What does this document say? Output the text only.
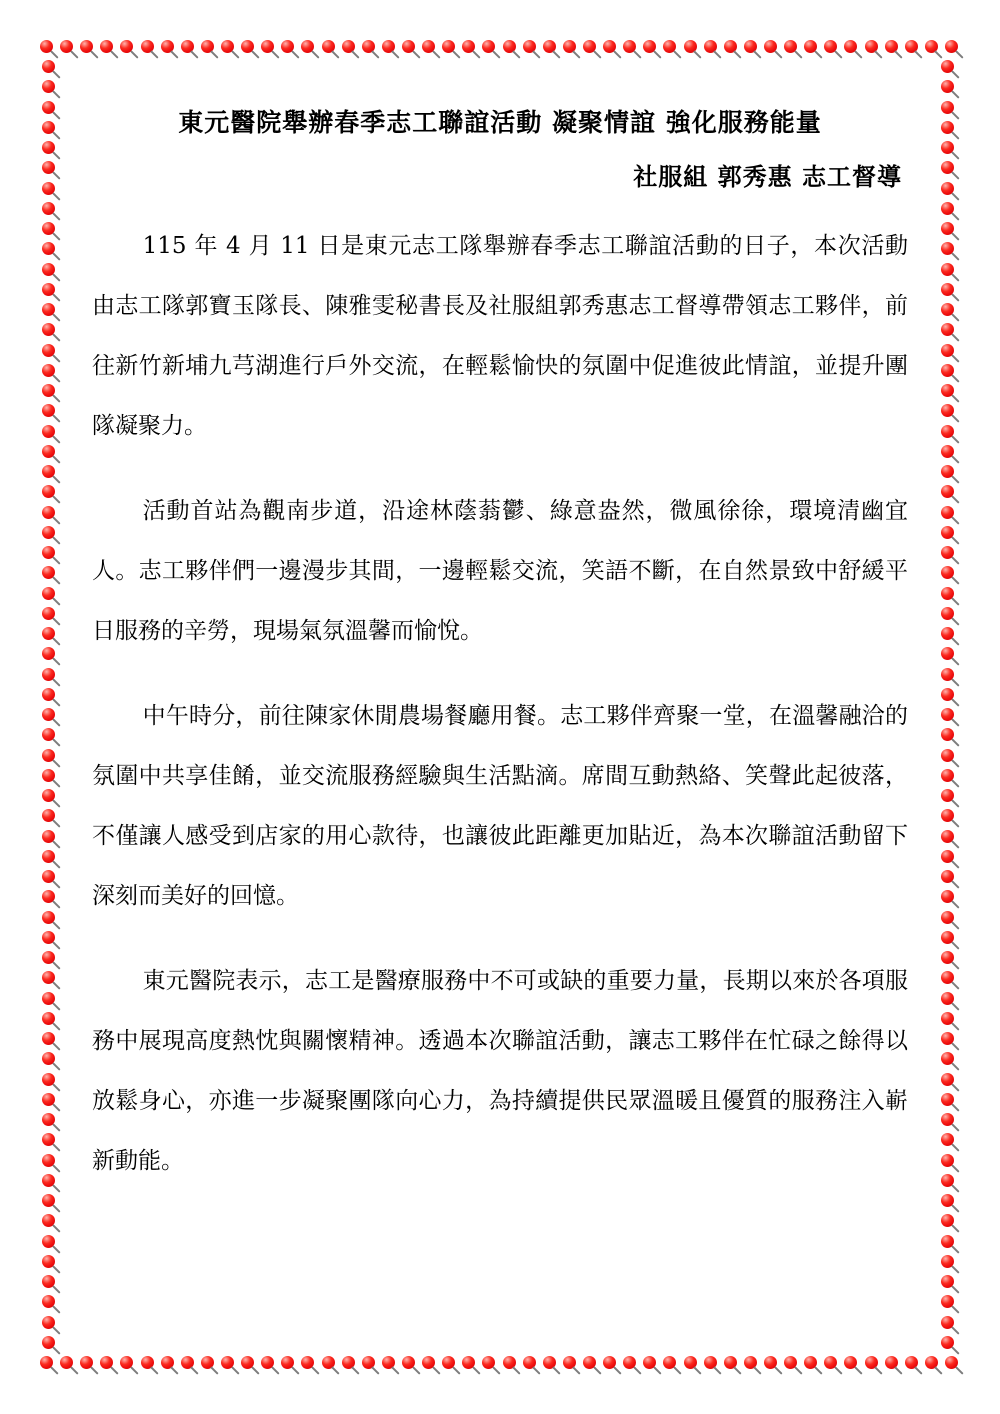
東元醫院舉辦春季志工聯誼活動 凝聚情誼 強化服務能量
社服組 郭秀惠 志工督導

115 年 4 月 11 日是東元志工隊舉辦春季志工聯誼活動的日子，本次活動由志工隊郭寶玉隊長、陳雅雯秘書長及社服組郭秀惠志工督導帶領志工夥伴，前往新竹新埔九芎湖進行戶外交流，在輕鬆愉快的氛圍中促進彼此情誼，並提升團隊凝聚力。

活動首站為觀南步道，沿途林蔭蓊鬱、綠意盎然，微風徐徐，環境清幽宜人。志工夥伴們一邊漫步其間，一邊輕鬆交流，笑語不斷，在自然景致中舒緩平日服務的辛勞，現場氣氛溫馨而愉悅。

中午時分，前往陳家休閒農場餐廳用餐。志工夥伴齊聚一堂，在溫馨融洽的氛圍中共享佳餚，並交流服務經驗與生活點滴。席間互動熱絡、笑聲此起彼落，不僅讓人感受到店家的用心款待，也讓彼此距離更加貼近，為本次聯誼活動留下深刻而美好的回憶。

東元醫院表示，志工是醫療服務中不可或缺的重要力量，長期以來於各項服務中展現高度熱忱與關懷精神。透過本次聯誼活動，讓志工夥伴在忙碌之餘得以放鬆身心，亦進一步凝聚團隊向心力，為持續提供民眾溫暖且優質的服務注入嶄新動能。
